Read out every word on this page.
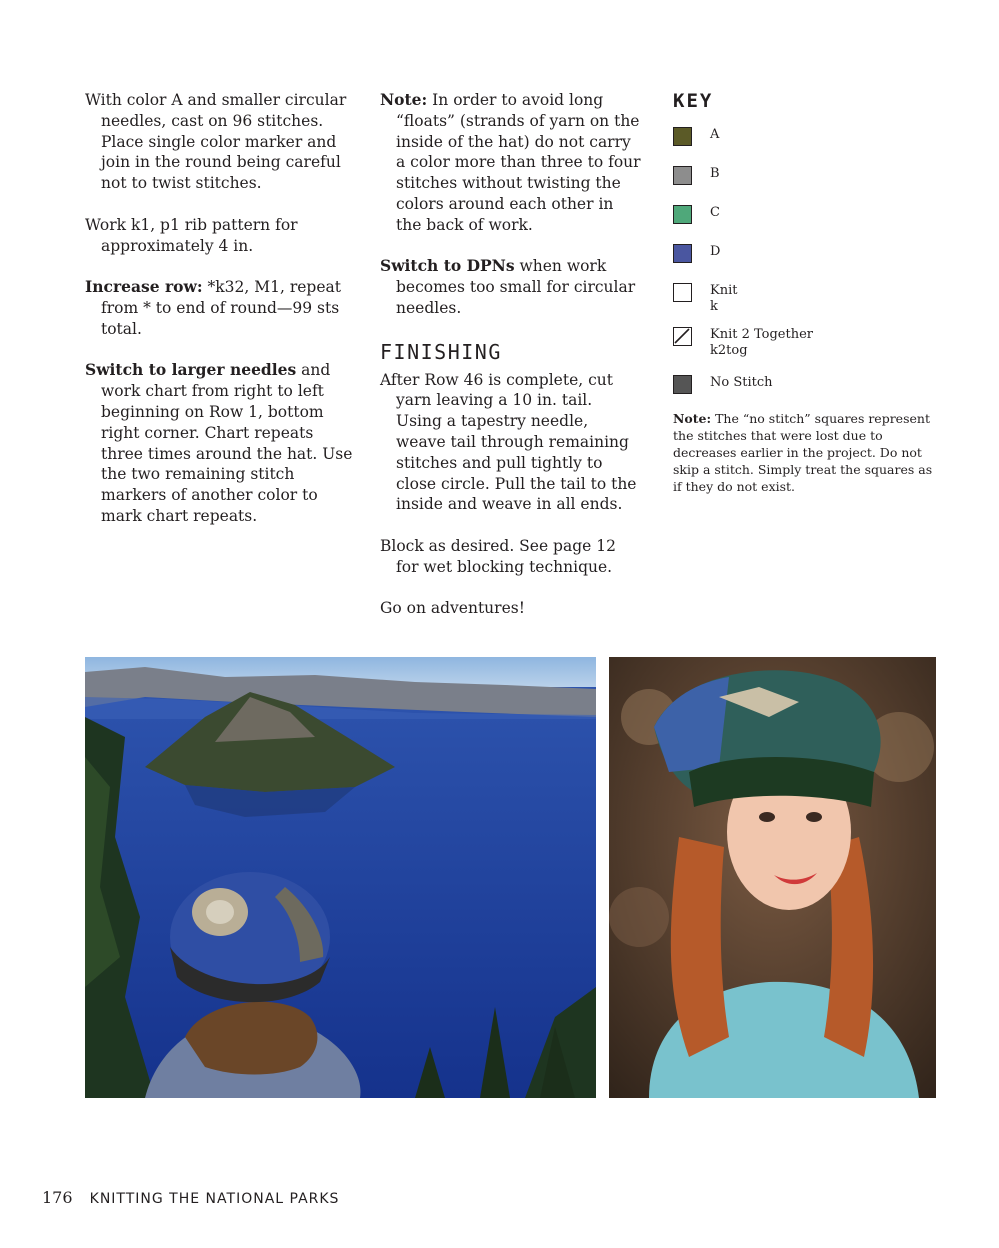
With color A and smaller circular needles, cast on 96 stitches. Place single color marker and join in the round being careful not to twist stitches.

Work k1, p1 rib pattern for approximately 4 in.

Increase row: *k32, M1, repeat from * to end of round—99 sts total.

Switch to larger needles and work chart from right to left beginning on Row 1, bottom right corner. Chart repeats three times around the hat. Use the two remaining stitch markers of another color to mark chart repeats.

Note: In order to avoid long “floats” (strands of yarn on the inside of the hat) do not carry a color more than three to four stitches without twisting the colors around each other in the back of work.

Switch to DPNs when work becomes too small for circular needles.

FINISHING

After Row 46 is complete, cut yarn leaving a 10 in. tail. Using a tapestry needle, weave tail through remaining stitches and pull tightly to close circle. Pull the tail to the inside and weave in all ends.

Block as desired. See page 12 for wet blocking technique.

Go on adventures!

KEY
A
B
C
D
Knit
k
Knit 2 Together
k2tog
No Stitch
Note: The “no stitch” squares represent the stitches that were lost due to decreases earlier in the project. Do not skip a stitch. Simply treat the squares as if they do not exist.
176 KNITTING THE NATIONAL PARKS
